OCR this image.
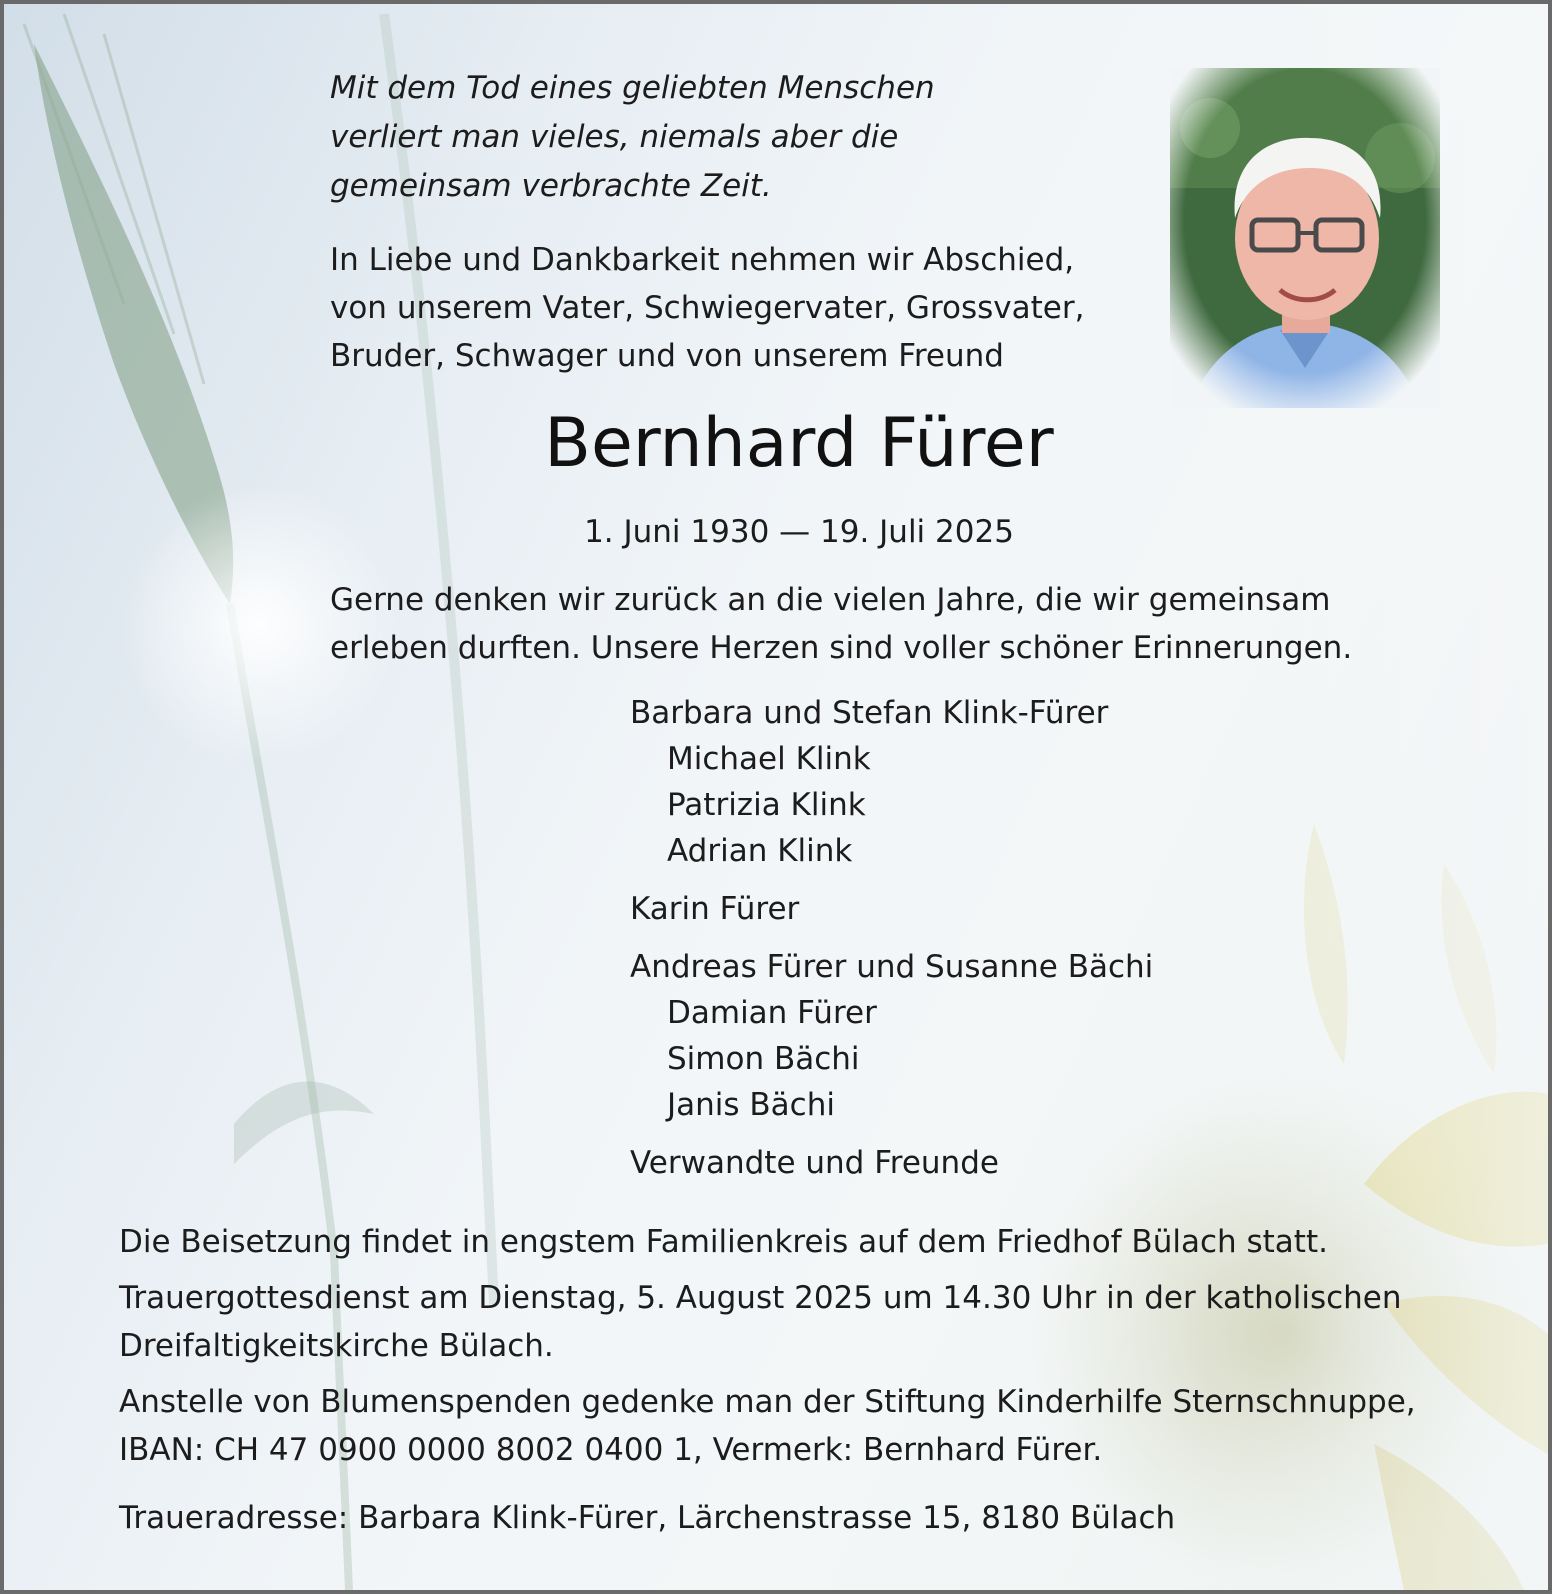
Mit dem Tod eines geliebten Menschen
verliert man vieles, niemals aber die
gemeinsam verbrachte Zeit.
In Liebe und Dankbarkeit nehmen wir Abschied,
von unserem Vater, Schwiegervater, Grossvater,
Bruder, Schwager und von unserem Freund
Bernhard Fürer
1. Juni 1930 — 19. Juli 2025
Gerne denken wir zurück an die vielen Jahre, die wir gemeinsam
erleben durften. Unsere Herzen sind voller schöner Erinnerungen.
Barbara und Stefan Klink-Fürer
Michael Klink
Patrizia Klink
Adrian Klink
Karin Fürer
Andreas Fürer und Susanne Bächi
Damian Fürer
Simon Bächi
Janis Bächi
Verwandte und Freunde
Die Beisetzung findet in engstem Familienkreis auf dem Friedhof Bülach statt.
Trauergottesdienst am Dienstag, 5. August 2025 um 14.30 Uhr in der katholischen
Dreifaltigkeitskirche Bülach.
Anstelle von Blumenspenden gedenke man der Stiftung Kinderhilfe Sternschnuppe,
IBAN: CH 47 0900 0000 8002 0400 1, Vermerk: Bernhard Fürer.
Traueradresse: Barbara Klink-Fürer, Lärchenstrasse 15, 8180 Bülach
